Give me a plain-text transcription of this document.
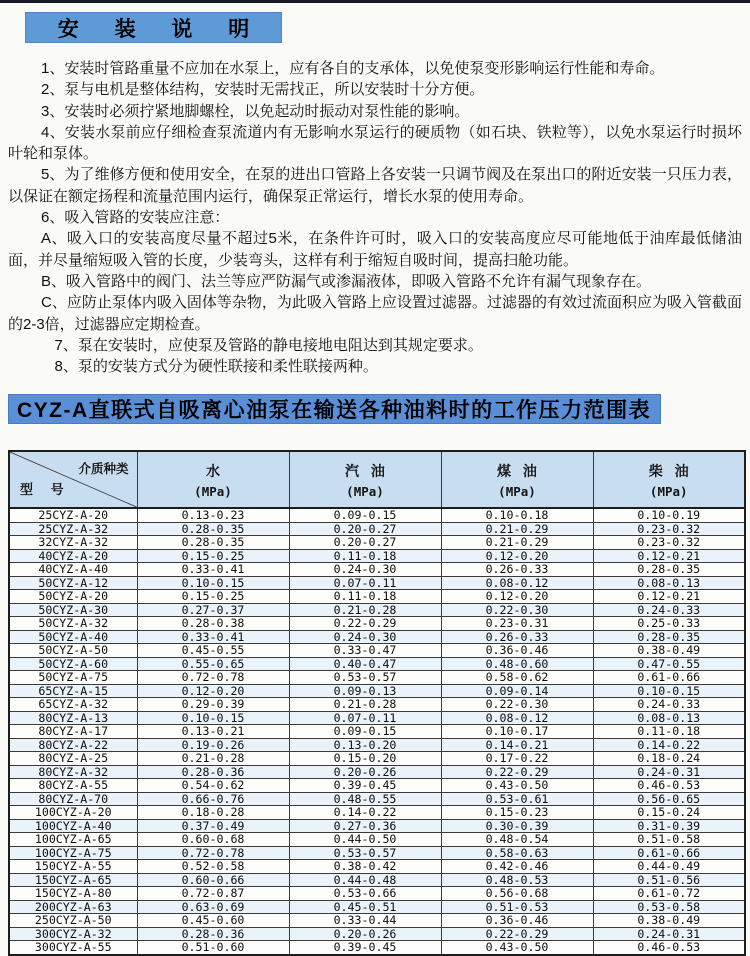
安 装 说 明

1、安装时管路重量不应加在水泵上，应有各自的支承体，以免使泵变形影响运行性能和寿命。

2、泵与电机是整体结构，安装时无需找正，所以安装时十分方便。

3、安装时必须拧紧地脚螺栓，以免起动时振动对泵性能的影响。

4、安装水泵前应仔细检查泵流道内有无影响水泵运行的硬质物（如石块、铁粒等），以免水泵运行时损坏叶轮和泵体。

5、为了维修方便和使用安全，在泵的进出口管路上各安装一只调节阀及在泵出口的附近安装一只压力表，以保证在额定扬程和流量范围内运行，确保泵正常运行，增长水泵的使用寿命。

6、吸入管路的安装应注意：

A、吸入口的安装高度尽量不超过5米，在条件许可时，吸入口的安装高度应尽可能地低于油库最低储油面，并尽量缩短吸入管的长度，少装弯头，这样有利于缩短自吸时间，提高扫舱功能。

B、吸入管路中的阀门、法兰等应严防漏气或渗漏液体，即吸入管路不允许有漏气现象存在。

C、应防止泵体内吸入固体等杂物，为此吸入管路上应设置过滤器。过滤器的有效过流面积应为吸入管截面的2-3倍，过滤器应定期检查。

7、泵在安装时，应使泵及管路的静电接地电阻达到其规定要求。

8、泵的安装方式分为硬性联接和柔性联接两种。

CYZ-A直联式自吸离心油泵在输送各种油料时的工作压力范围表
介质种类
型 号

水
(MPa)

汽 油
(MPa)

煤 油
(MPa)

柴 油
(MPa)

25CYZ-A-20	0.13-0.23	0.09-0.15	0.10-0.18	0.10-0.19
25CYZ-A-32	0.28-0.35	0.20-0.27	0.21-0.29	0.23-0.32
32CYZ-A-32	0.28-0.35	0.20-0.27	0.21-0.29	0.23-0.32
40CYZ-A-20	0.15-0.25	0.11-0.18	0.12-0.20	0.12-0.21
40CYZ-A-40	0.33-0.41	0.24-0.30	0.26-0.33	0.28-0.35
50CYZ-A-12	0.10-0.15	0.07-0.11	0.08-0.12	0.08-0.13
50CYZ-A-20	0.15-0.25	0.11-0.18	0.12-0.20	0.12-0.21
50CYZ-A-30	0.27-0.37	0.21-0.28	0.22-0.30	0.24-0.33
50CYZ-A-32	0.28-0.38	0.22-0.29	0.23-0.31	0.25-0.33
50CYZ-A-40	0.33-0.41	0.24-0.30	0.26-0.33	0.28-0.35
50CYZ-A-50	0.45-0.55	0.33-0.47	0.36-0.46	0.38-0.49
50CYZ-A-60	0.55-0.65	0.40-0.47	0.48-0.60	0.47-0.55
50CYZ-A-75	0.72-0.78	0.53-0.57	0.58-0.62	0.61-0.66
65CYZ-A-15	0.12-0.20	0.09-0.13	0.09-0.14	0.10-0.15
65CYZ-A-32	0.29-0.39	0.21-0.28	0.22-0.30	0.24-0.33
80CYZ-A-13	0.10-0.15	0.07-0.11	0.08-0.12	0.08-0.13
80CYZ-A-17	0.13-0.21	0.09-0.15	0.10-0.17	0.11-0.18
80CYZ-A-22	0.19-0.26	0.13-0.20	0.14-0.21	0.14-0.22
80CYZ-A-25	0.21-0.28	0.15-0.20	0.17-0.22	0.18-0.24
80CYZ-A-32	0.28-0.36	0.20-0.26	0.22-0.29	0.24-0.31
80CYZ-A-55	0.54-0.62	0.39-0.45	0.43-0.50	0.46-0.53
80CYZ-A-70	0.66-0.76	0.48-0.55	0.53-0.61	0.56-0.65
100CYZ-A-20	0.18-0.28	0.14-0.22	0.15-0.23	0.15-0.24
100CYZ-A-40	0.37-0.49	0.27-0.36	0.30-0.39	0.31-0.39
100CYZ-A-65	0.60-0.68	0.44-0.50	0.48-0.54	0.51-0.58
100CYZ-A-75	0.72-0.78	0.53-0.57	0.58-0.63	0.61-0.66
150CYZ-A-55	0.52-0.58	0.38-0.42	0.42-0.46	0.44-0.49
150CYZ-A-65	0.60-0.66	0.44-0.48	0.48-0.53	0.51-0.56
150CYZ-A-80	0.72-0.87	0.53-0.66	0.56-0.68	0.61-0.72
200CYZ-A-63	0.63-0.69	0.45-0.51	0.51-0.53	0.53-0.58
250CYZ-A-50	0.45-0.60	0.33-0.44	0.36-0.46	0.38-0.49
300CYZ-A-32	0.28-0.36	0.20-0.26	0.22-0.29	0.24-0.31
300CYZ-A-55	0.51-0.60	0.39-0.45	0.43-0.50	0.46-0.53
